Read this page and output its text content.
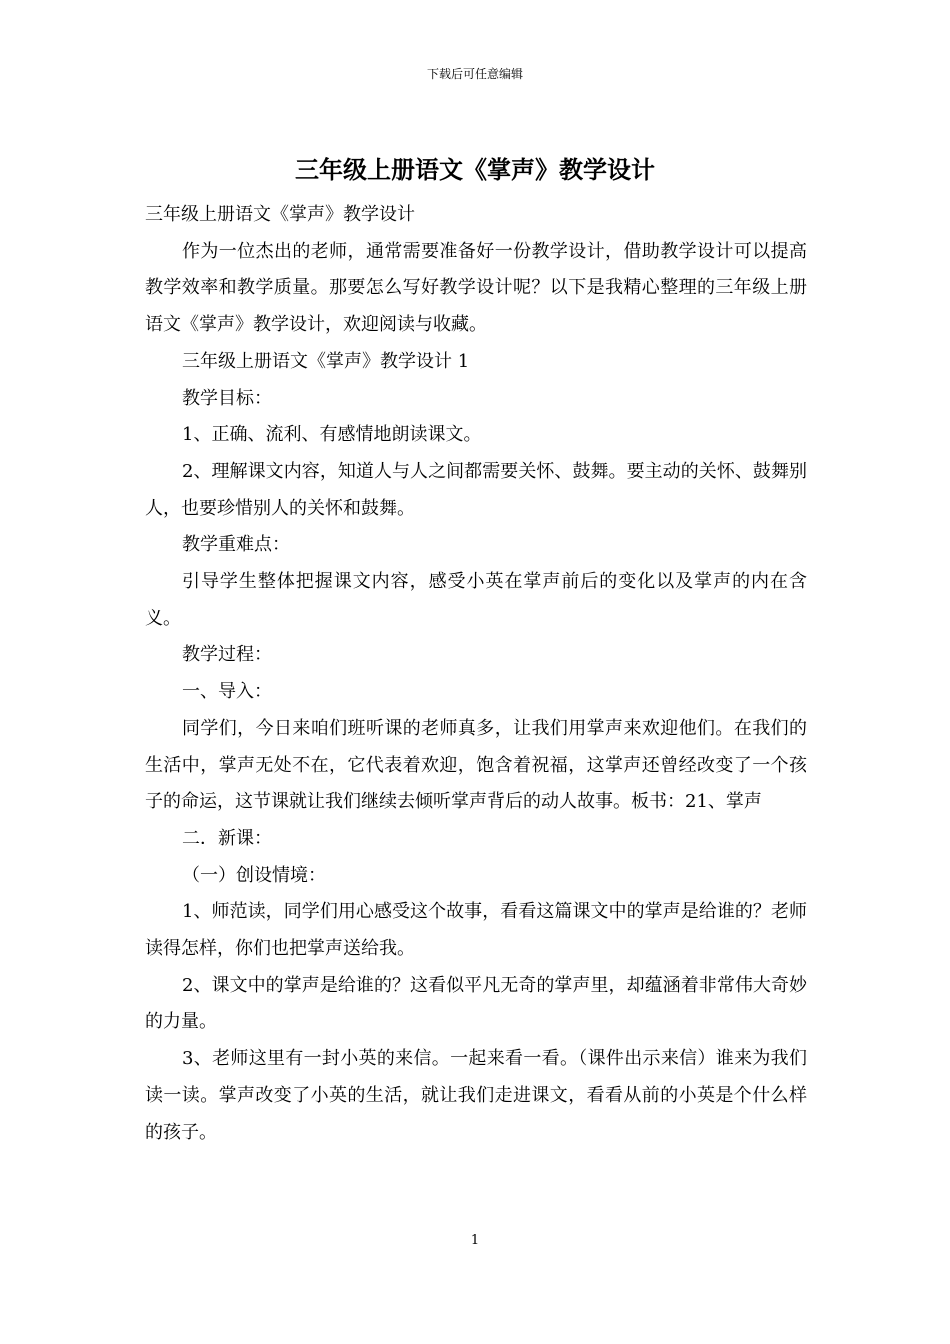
下载后可任意编辑
三年级上册语文《掌声》教学设计

三年级上册语文《掌声》教学设计

作为一位杰出的老师，通常需要准备好一份教学设计，借助教学设计可以提高教学效率和教学质量。那要怎么写好教学设计呢？以下是我精心整理的三年级上册语文《掌声》教学设计，欢迎阅读与收藏。

三年级上册语文《掌声》教学设计 1

教学目标：

1、正确、流利、有感情地朗读课文。

2、理解课文内容，知道人与人之间都需要关怀、鼓舞。要主动的关怀、鼓舞别人，也要珍惜别人的关怀和鼓舞。

教学重难点：

引导学生整体把握课文内容，感受小英在掌声前后的变化以及掌声的内在含义。

教学过程：

一、导入：

同学们，今日来咱们班听课的老师真多，让我们用掌声来欢迎他们。在我们的生活中，掌声无处不在，它代表着欢迎，饱含着祝福，这掌声还曾经改变了一个孩子的命运，这节课就让我们继续去倾听掌声背后的动人故事。板书：21、掌声

二．新课：

（一）创设情境：

1、师范读，同学们用心感受这个故事，看看这篇课文中的掌声是给谁的？老师读得怎样，你们也把掌声送给我。

2、课文中的掌声是给谁的？这看似平凡无奇的掌声里，却蕴涵着非常伟大奇妙的力量。

3、老师这里有一封小英的来信。一起来看一看。（课件出示来信）谁来为我们读一读。掌声改变了小英的生活，就让我们走进课文，看看从前的小英是个什么样的孩子。

1
